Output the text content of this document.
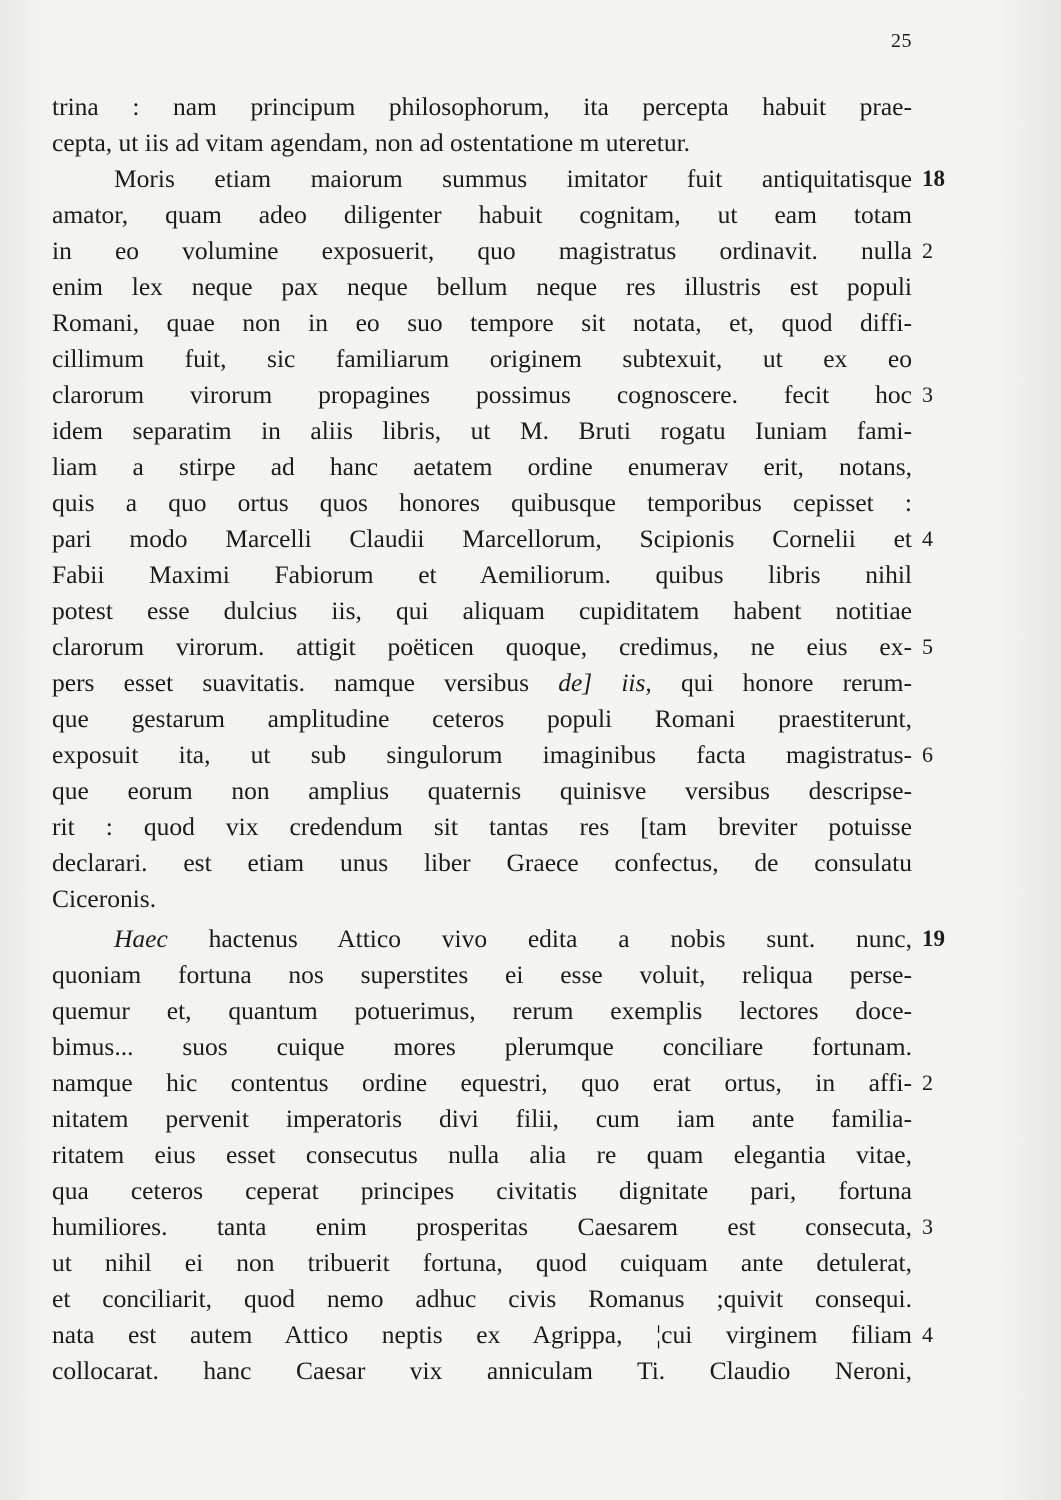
25
trina : nam principum philosophorum, ita percepta habuit prae-
cepta, ut iis ad vitam agendam, non ad ostentatione m uteretur.
Moris etiam maiorum summus imitator fuit antiquitatisque 18
amator, quam adeo diligenter habuit cognitam, ut eam totam
in eo volumine exposuerit, quo magistratus ordinavit. nulla 2
enim lex neque pax neque bellum neque res illustris est populi
Romani, quae non in eo suo tempore sit notata, et, quod diffi-
cillimum fuit, sic familiarum originem subtexuit, ut ex eo
clarorum virorum propagines possimus cognoscere. fecit hoc 3
idem separatim in aliis libris, ut M. Bruti rogatu Iuniam fami-
liam a stirpe ad hanc aetatem ordine enumerav erit, notans,
quis a quo ortus quos honores quibusque temporibus cepisset :
pari modo Marcelli Claudii Marcellorum, Scipionis Cornelii et 4
Fabii Maximi Fabiorum et Aemiliorum. quibus libris nihil
potest esse dulcius iis, qui aliquam cupiditatem habent notitiae
clarorum virorum. attigit poëticen quoque, credimus, ne eius ex- 5
pers esset suavitatis. namque versibus de] iis, qui honore rerum-
que gestarum amplitudine ceteros populi Romani praestiterunt,
exposuit ita, ut sub singulorum imaginibus facta magistratus- 6
que eorum non amplius quaternis quinisve versibus descripse-
rit : quod vix credendum sit tantas res [tam breviter potuisse
declarari. est etiam unus liber Graece confectus, de consulatu
Ciceronis.
Haec hactenus Attico vivo edita a nobis sunt. nunc, 19
quoniam fortuna nos superstites ei esse voluit, reliqua perse-
quemur et, quantum potuerimus, rerum exemplis lectores doce-
bimus... suos cuique mores plerumque conciliare fortunam.
namque hic contentus ordine equestri, quo erat ortus, in affi- 2
nitatem pervenit imperatoris divi filii, cum iam ante familia-
ritatem eius esset consecutus nulla alia re quam elegantia vitae,
qua ceteros ceperat principes civitatis dignitate pari, fortuna
humiliores. tanta enim prosperitas Caesarem est consecuta, 3
ut nihil ei non tribuerit fortuna, quod cuiquam ante detulerat,
et conciliarit, quod nemo adhuc civis Romanus ;quivit consequi.
nata est autem Attico neptis ex Agrippa, ¦cui virginem filiam 4
collocarat. hanc Caesar vix anniculam Ti. Claudio Neroni,
